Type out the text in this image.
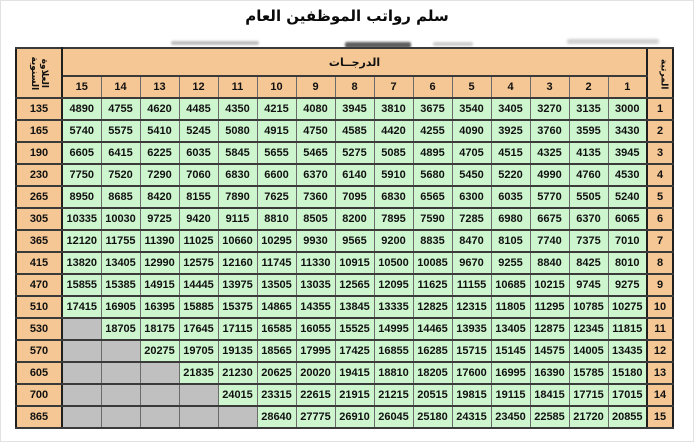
سلم رواتب الموظفين العام
العلاوة
السنوية	الدرجــات															المرتبة
	15	14	13	12	11	10	9	8	7	6	5	4	3	2	1	
135	4890	4755	4620	4485	4350	4215	4080	3945	3810	3675	3540	3405	3270	3135	3000	1
165	5740	5575	5410	5245	5080	4915	4750	4585	4420	4255	4090	3925	3760	3595	3430	2
190	6605	6415	6225	6035	5845	5655	5465	5275	5085	4895	4705	4515	4325	4135	3945	3
230	7750	7520	7290	7060	6830	6600	6370	6140	5910	5680	5450	5220	4990	4760	4530	4
265	8950	8685	8420	8155	7890	7625	7360	7095	6830	6565	6300	6035	5770	5505	5240	5
305	10335	10030	9725	9420	9115	8810	8505	8200	7895	7590	7285	6980	6675	6370	6065	6
365	12120	11755	11390	11025	10660	10295	9930	9565	9200	8835	8470	8105	7740	7375	7010	7
415	13820	13405	12990	12575	12160	11745	11330	10915	10500	10085	9670	9255	8840	8425	8010	8
470	15855	15385	14915	14445	13975	13505	13035	12565	12095	11625	11155	10685	10215	9745	9275	9
510	17415	16905	16395	15885	15375	14865	14355	13845	13335	12825	12315	11805	11295	10785	10275	10
530		18705	18175	17645	17115	16585	16055	15525	14995	14465	13935	13405	12875	12345	11815	11
570			20275	19705	19135	18565	17995	17425	16855	16285	15715	15145	14575	14005	13435	12
605				21835	21230	20625	20020	19415	18810	18205	17600	16995	16390	15785	15180	13
700					24015	23315	22615	21915	21215	20515	19815	19115	18415	17715	17015	14
865						28640	27775	26910	26045	25180	24315	23450	22585	21720	20855	15
